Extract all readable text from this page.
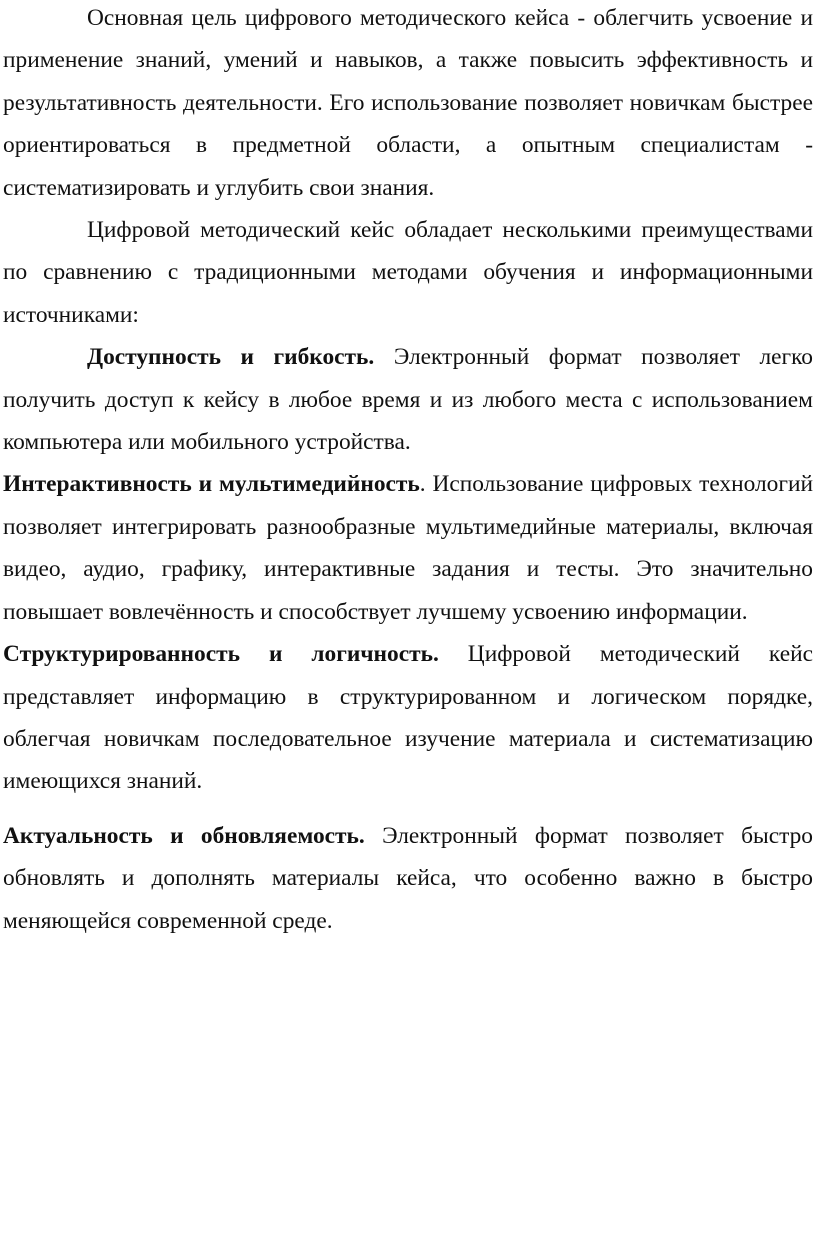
Основная цель цифрового методического кейса - облегчить усвоение и применение знаний, умений и навыков, а также повысить эффективность и результативность деятельности. Его использование позволяет новичкам быстрее ориентироваться в предметной области, а опытным специалистам - систематизировать и углубить свои знания.

Цифровой методический кейс обладает несколькими преимуществами по сравнению с традиционными методами обучения и информационными источниками:

Доступность и гибкость. Электронный формат позволяет легко получить доступ к кейсу в любое время и из любого места с использованием компьютера или мобильного устройства.

Интерактивность и мультимедийность. Использование цифровых технологий позволяет интегрировать разнообразные мультимедийные материалы, включая видео, аудио, графику, интерактивные задания и тесты. Это значительно повышает вовлечённость и способствует лучшему усвоению информации.

Структурированность и логичность. Цифровой методический кейс представляет информацию в структурированном и логическом порядке, облегчая новичкам последовательное изучение материала и систематизацию имеющихся знаний.

Актуальность и обновляемость. Электронный формат позволяет быстро обновлять и дополнять материалы кейса, что особенно важно в быстро меняющейся современной среде.
